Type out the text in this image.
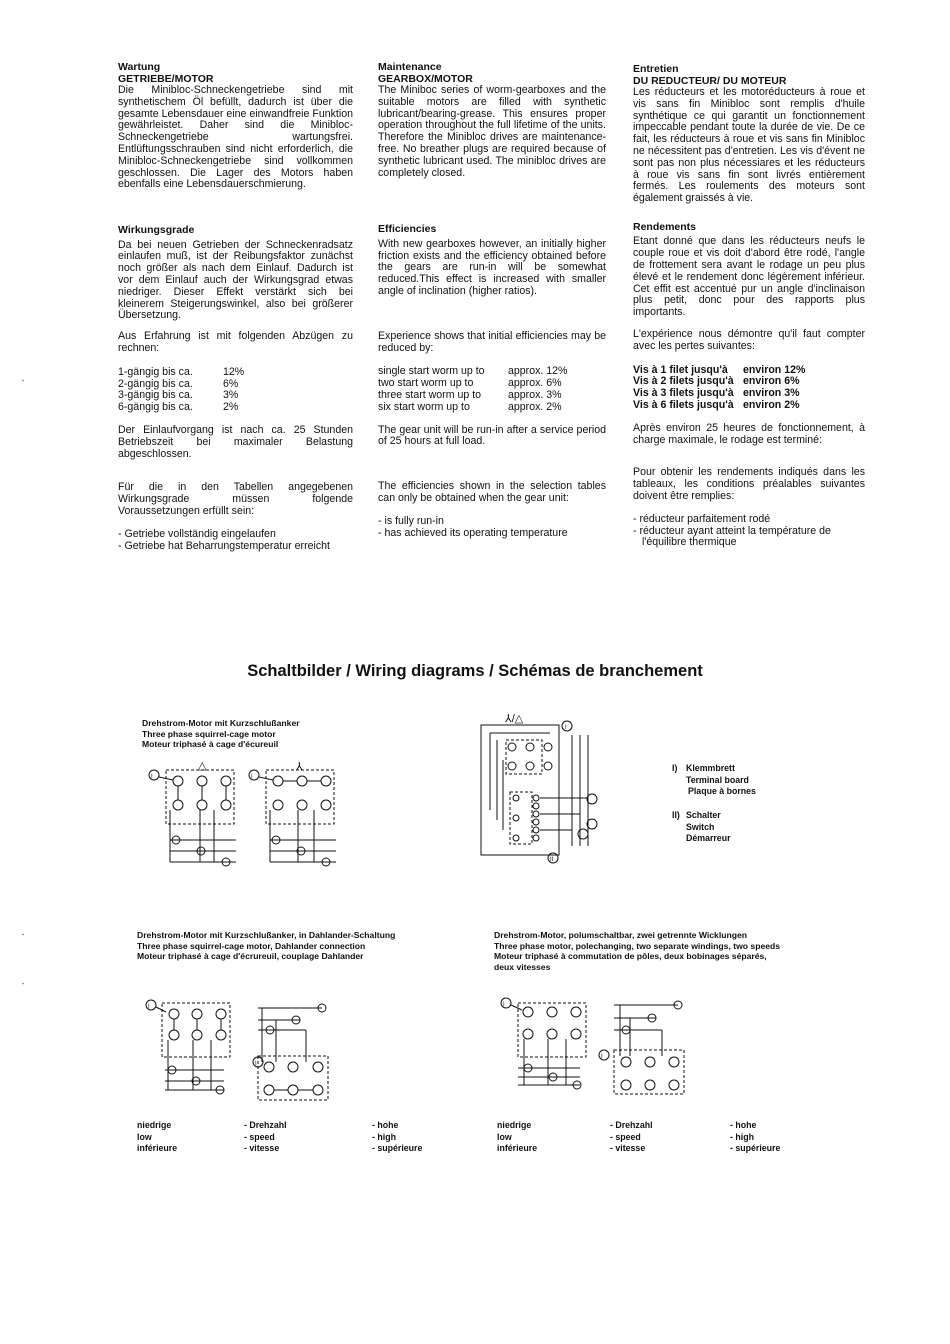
Wartung

GETRIEBE/MOTOR

Die Minibloc-Schneckengetriebe sind mit synthetischem Öl befüllt, dadurch ist über die gesamte Lebensdauer eine einwandfreie Funktion gewährleistet. Daher sind die Minibloc-Schneckengetriebe wartungsfrei. Entlüftungsschrauben sind nicht erforderlich, die Minibloc-Schneckengetriebe sind vollkommen geschlossen. Die Lager des Motors haben ebenfalls eine Lebensdauerschmierung.

Wirkungsgrade

Da bei neuen Getrieben der Schneckenradsatz einlaufen muß, ist der Reibungsfaktor zunächst noch größer als nach dem Einlauf. Dadurch ist vor dem Einlauf auch der Wirkungsgrad etwas niedriger. Dieser Effekt verstärkt sich bei kleinerem Steigerungswinkel, also bei größerer Übersetzung.

Aus Erfahrung ist mit folgenden Abzügen zu rechnen:

1-gängig bis ca.	12%
2-gängig bis ca.	6%
3-gängig bis ca.	3%
6-gängig bis ca.	2%

Der Einlaufvorgang ist nach ca. 25 Stunden Betriebszeit bei maximaler Belastung abgeschlossen.

Für die in den Tabellen angegebenen Wirkungsgrade müssen folgende Voraussetzungen erfüllt sein:

- Getriebe vollständig eingelaufen
- Getriebe hat Beharrungstemperatur erreicht

Maintenance

GEARBOX/MOTOR

The Miniboc series of worm-gearboxes and the suitable motors are filled with synthetic lubricant/bearing-grease. This ensures proper operation throughout the full lifetime of the units. Therefore the Minibloc drives are maintenance-free. No breather plugs are required because of synthetic lubricant used. The minibloc drives are completely closed.

Efficiencies

With new gearboxes however, an initially higher friction exists and the efficiency obtained before the gears are run-in will be somewhat reduced.This effect is increased with smaller angle of inclination (higher ratios).

Experience shows that initial efficiencies may be reduced by:

single start worm up to	approx. 12%
two start worm up to	approx. 6%
three start worm up to	approx. 3%
six start worm up to	approx. 2%

The gear unit will be run-in after a service period of 25 hours at full load.

The efficiencies shown in the selection tables can only be obtained when the gear unit:

- is fully run-in
- has achieved its operating temperature

Entretien

DU REDUCTEUR/ DU MOTEUR

Les réducteurs et les motoréducteurs à roue et vis sans fin Minibloc sont remplis d'huile synthétique ce qui garantit un fonctionnement impeccable pendant toute la durée de vie. De ce fait, les réducteurs à roue et vis sans fin Minibloc ne nécessitent pas d'entretien. Les vis d'évent ne sont pas non plus nécessiares et les réducteurs à roue vis sans fin sont livrés entièrement fermés. Les roulements des moteurs sont également graissés à vie.

Rendements

Etant donné que dans les réducteurs neufs le couple roue et vis doit d'abord être rodé, l'angle de frottement sera avant le rodage un peu plus élevé et le rendement donc légèrement inférieur. Cet effit est accentué pur un angle d'inclinaison plus petit, donc pour des rapports plus importants.

L'expérience nous démontre qu'il faut compter avec les pertes suivantes:

Vis à 1 filet jusqu'à	environ 12%
Vis à 2 filets jusqu'à environ 6%
Vis à 3 filets jusqu'à environ 3%
Vis à 6 filets jusqu'à environ 2%

Après environ 25 heures de fonctionnement, à charge maximale, le rodage est terminé:

Pour obtenir les rendements indiqués dans les tableaux, les conditions préalables suivantes doivent être remplies:

- réducteur parfaitement rodé
- réducteur ayant atteint la température de l'équilibre thermique
Schaltbilder / Wiring diagrams / Schémas de branchement
Drehstrom-Motor mit Kurzschlußanker
Three phase squirrel-cage motor
Moteur triphasé à cage d'écureuil
Drehstrom-Motor mit Kurzschlußanker, in Dahlander-Schaltung
Three phase squirrel-cage motor, Dahlander connection
Moteur triphasé à cage d'écrureuil, couplage Dahlander
Drehstrom-Motor, polumschaltbar, zwei getrennte Wicklungen
Three phase motor, polechanging, two separate windings, two speeds
Moteur triphasé à commutation de pôles, deux bobinages séparés,
deux vitesses
I) Klemmbrett
Terminal board
Plaque à bornes
II) Schalter
Switch
Démarreur
niedrige
low
inférieure
- Drehzahl
- speed
- vitesse
- hohe
- high
- supérieure
niedrige
low
inférieure
- Drehzahl
- speed
- vitesse
- hohe
- high
- supérieure
△
I
⅄
I
⅄/△
I
II
I
I
I
I
